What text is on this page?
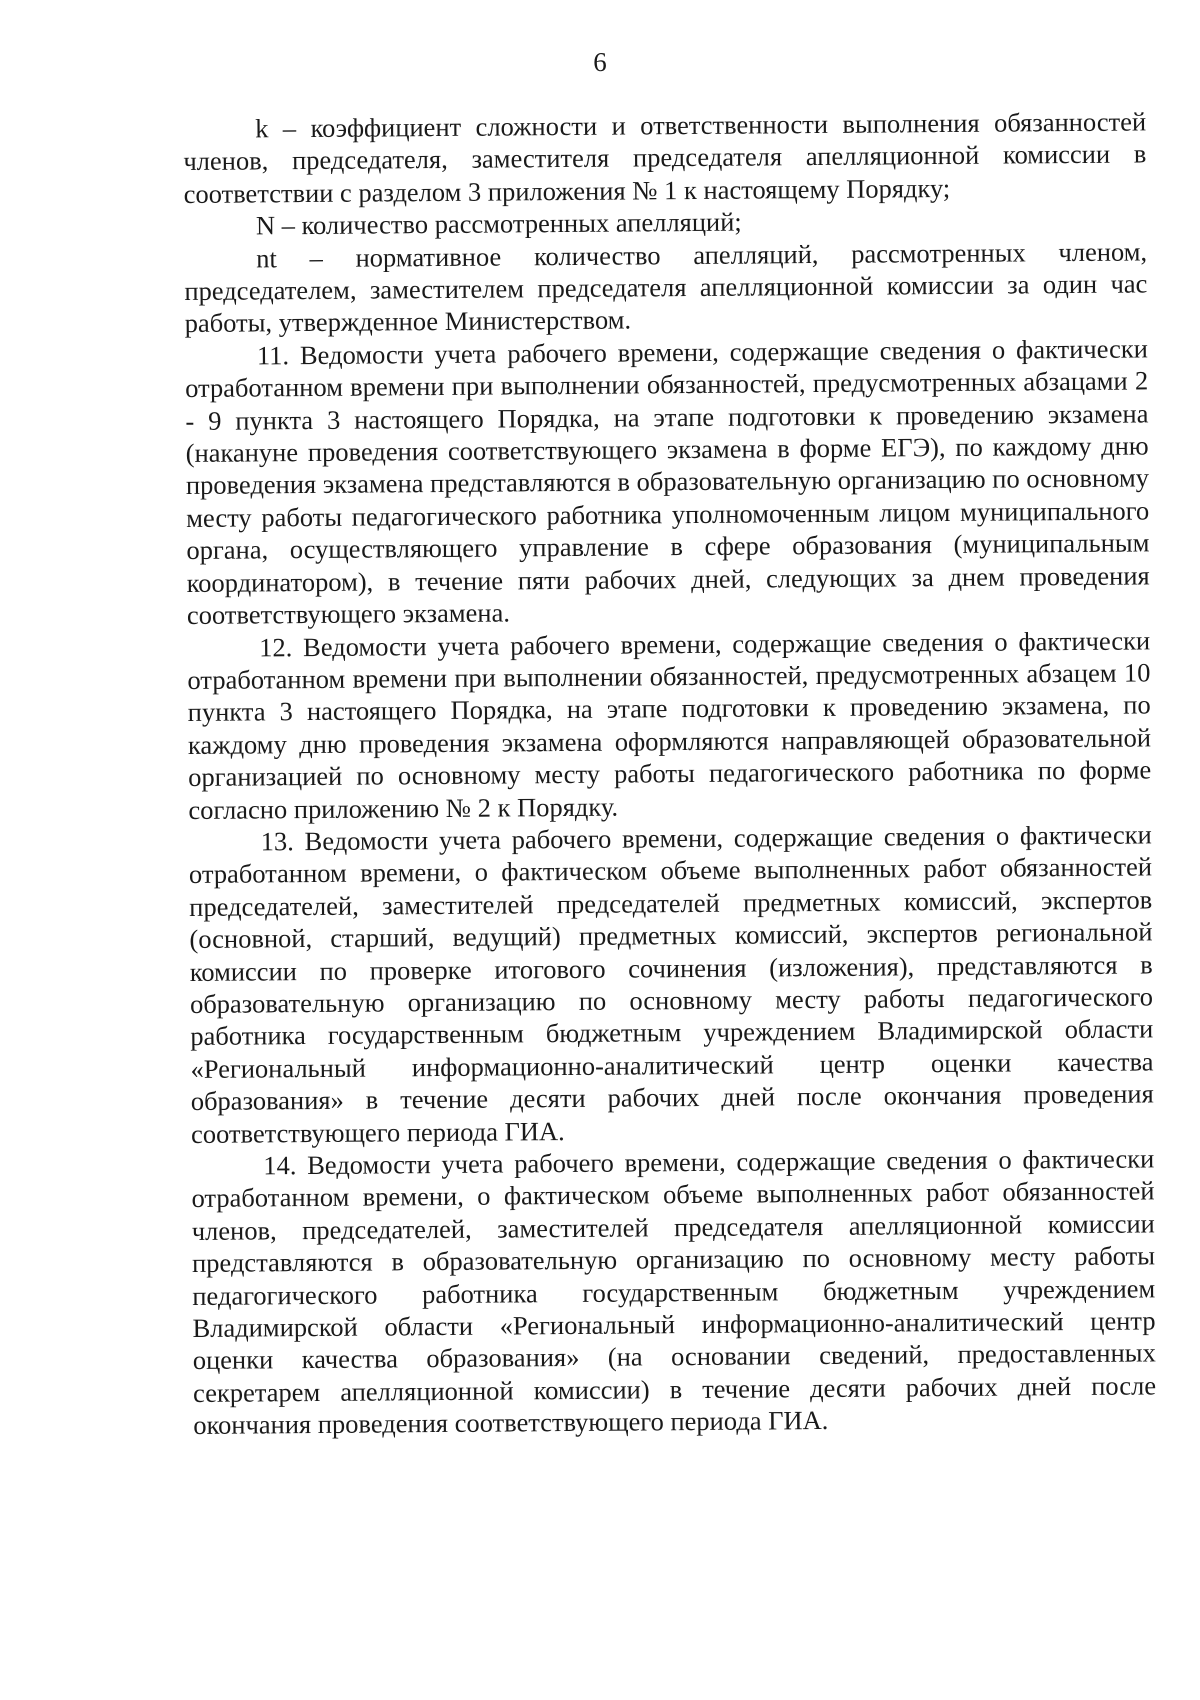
6

k – коэффициент сложности и ответственности выполнения обязанностей членов, председателя, заместителя председателя апелляционной комиссии в соответствии с разделом 3 приложения № 1 к настоящему Порядку;

N – количество рассмотренных апелляций;

nt – нормативное количество апелляций, рассмотренных членом, председателем, заместителем председателя апелляционной комиссии за один час работы, утвержденное Министерством.

11. Ведомости учета рабочего времени, содержащие сведения о фактически отработанном времени при выполнении обязанностей, предусмотренных абзацами 2 - 9 пункта 3 настоящего Порядка, на этапе подготовки к проведению экзамена (накануне проведения соответствующего экзамена в форме ЕГЭ), по каждому дню проведения экзамена представляются в образовательную организацию по основному месту работы педагогического работника уполномоченным лицом муниципального органа, осуществляющего управление в сфере образования (муниципальным координатором), в течение пяти рабочих дней, следующих за днем проведения соответствующего экзамена.

12. Ведомости учета рабочего времени, содержащие сведения о фактически отработанном времени при выполнении обязанностей, предусмотренных абзацем 10 пункта 3 настоящего Порядка, на этапе подготовки к проведению экзамена, по каждому дню проведения экзамена оформляются направляющей образовательной организацией по основному месту работы педагогического работника по форме согласно приложению № 2 к Порядку.

13. Ведомости учета рабочего времени, содержащие сведения о фактически отработанном времени, о фактическом объеме выполненных работ обязанностей председателей, заместителей председателей предметных комиссий, экспертов (основной, старший, ведущий) предметных комиссий, экспертов региональной комиссии по проверке итогового сочинения (изложения), представляются в образовательную организацию по основному месту работы педагогического работника государственным бюджетным учреждением Владимирской области «Региональный информационно-аналитический центр оценки качества образования» в течение десяти рабочих дней после окончания проведения соответствующего периода ГИА.

14. Ведомости учета рабочего времени, содержащие сведения о фактически отработанном времени, о фактическом объеме выполненных работ обязанностей членов, председателей, заместителей председателя апелляционной комиссии представляются в образовательную организацию по основному месту работы педагогического работника государственным бюджетным учреждением Владимирской области «Региональный информационно-аналитический центр оценки качества образования» (на основании сведений, предоставленных секретарем апелляционной комиссии) в течение десяти рабочих дней после окончания проведения соответствующего периода ГИА.
